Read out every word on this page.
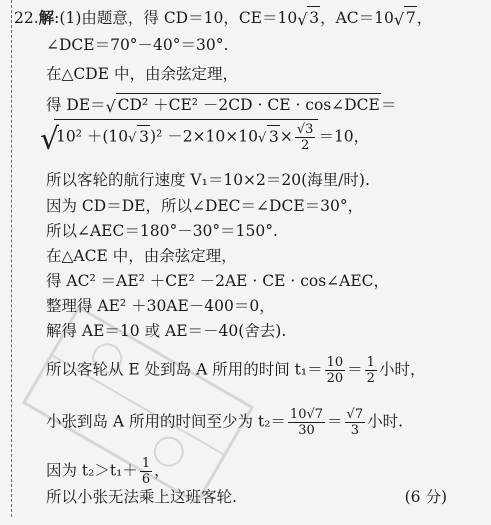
22.解:(1)由题意，得 CD＝10，CE＝10 √ 3，AC＝10 √ 7，
∠DCE＝70°－40°＝30°.
在△CDE 中，由余弦定理，
得 DE＝ √ CD² ＋CE² －2CD · CE · cos∠DCE＝
√
10² ＋(10 √ 3)² －2×10×10 √ $3\times \frac{√3}{2} =10$，
所以客轮的航行速度 V₁＝10×2＝20(海里/时).
因为 CD＝DE，所以∠DEC＝∠DCE＝30°，
所以∠AEC＝180°－30°＝150°.
在△ACE 中，由余弦定理，
得 AC² ＝AE² ＋CE² －2AE · CE · cos∠AEC，
整理得 AE² ＋30AE－400＝0，
解得 AE＝10 或 AE＝－40(舍去).
所以客轮从 E 处到岛 A 所用的时间 $t_1= \frac{10}{20} = \frac{1}{2}$ 小时，
小张到岛 A 所用的时间至少为 $t_2= \frac{10√7}{30} = \frac{√7}{3}$ 小时.
因为 $t_2>t_1+ \frac{1}{6}$ ，
所以小张无法乘上这班客轮.	(6 分)
